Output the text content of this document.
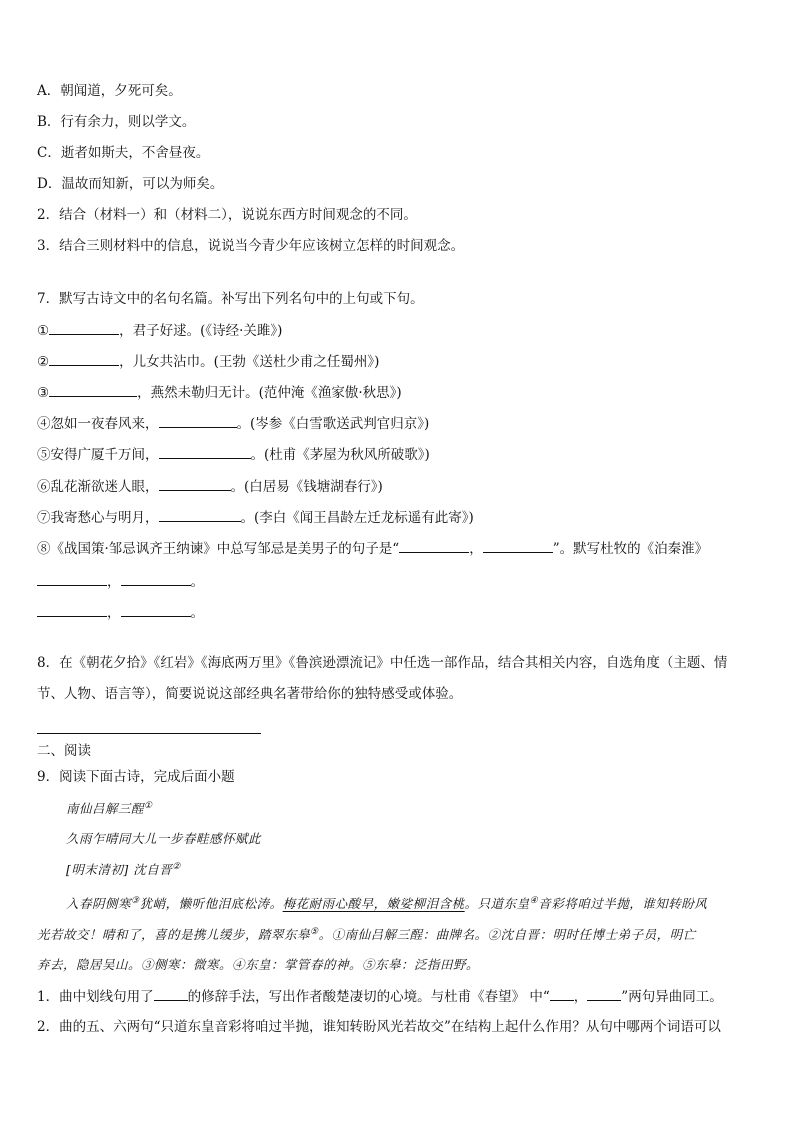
A．朝闻道，夕死可矣。
B．行有余力，则以学文。
C．逝者如斯夫，不舍昼夜。
D．温故而知新，可以为师矣。
2．结合（材料一）和（材料二），说说东西方时间观念的不同。
3．结合三则材料中的信息，说说当今青少年应该树立怎样的时间观念。
7．默写古诗文中的名句名篇。补写出下列名句中的上句或下句。
①	，君子好逑。(《诗经·关雎》)
②	，儿女共沾巾。(王勃《送杜少甫之任蜀州》)
③	，燕然未勒归无计。(范仲淹《渔家傲·秋思》)
④忽如一夜春风来，	。(岑参《白雪歌送武判官归京》)
⑤安得广厦千万间，	。(杜甫《茅屋为秋风所破歌》)
⑥乱花渐欲迷人眼，	。(白居易《钱塘湖春行》)
⑦我寄愁心与明月，	。(李白《闻王昌龄左迁龙标遥有此寄》)
⑧《战国策·邹忌讽齐王纳谏》中总写邹忌是美男子的句子是“	，	”。默写杜牧的《泊秦淮》
，	。
，	。
8．在《朝花夕拾》《红岩》《海底两万里》《鲁滨逊漂流记》中任选一部作品，结合其相关内容，自选角度（主题、情
节、人物、语言等），简要说说这部经典名著带给你的独特感受或体验。
二、阅读
9．阅读下面古诗，完成后面小题
南仙吕解三酲①
久雨乍晴同大儿一步春畦感怀赋此
[明末清初] 沈自晋②
入春阴侧寒③犹峭，懒听他泪底松涛。梅花耐雨心酸早，嫩娑柳泪含桃。只道东皇④音彩将咱过半抛，谁知转盼风
光若故交！晴和了，喜的是携儿缓步，踏翠东皋⑤。①南仙吕解三酲：曲牌名。②沈自晋：明时任博士弟子员，明亡
弃去，隐居吴山。③侧寒：微寒。④东皇：掌管春的神。⑤东皋：泛指田野。
1．曲中划线句用了	的修辞手法，写出作者酸楚凄切的心境。与杜甫《春望》 中“ ，	”两句异曲同工。
2．曲的五、六两句“只道东皇音彩将咱过半抛，谁知转盼风光若故交”在结构上起什么作用？从句中哪两个词语可以
